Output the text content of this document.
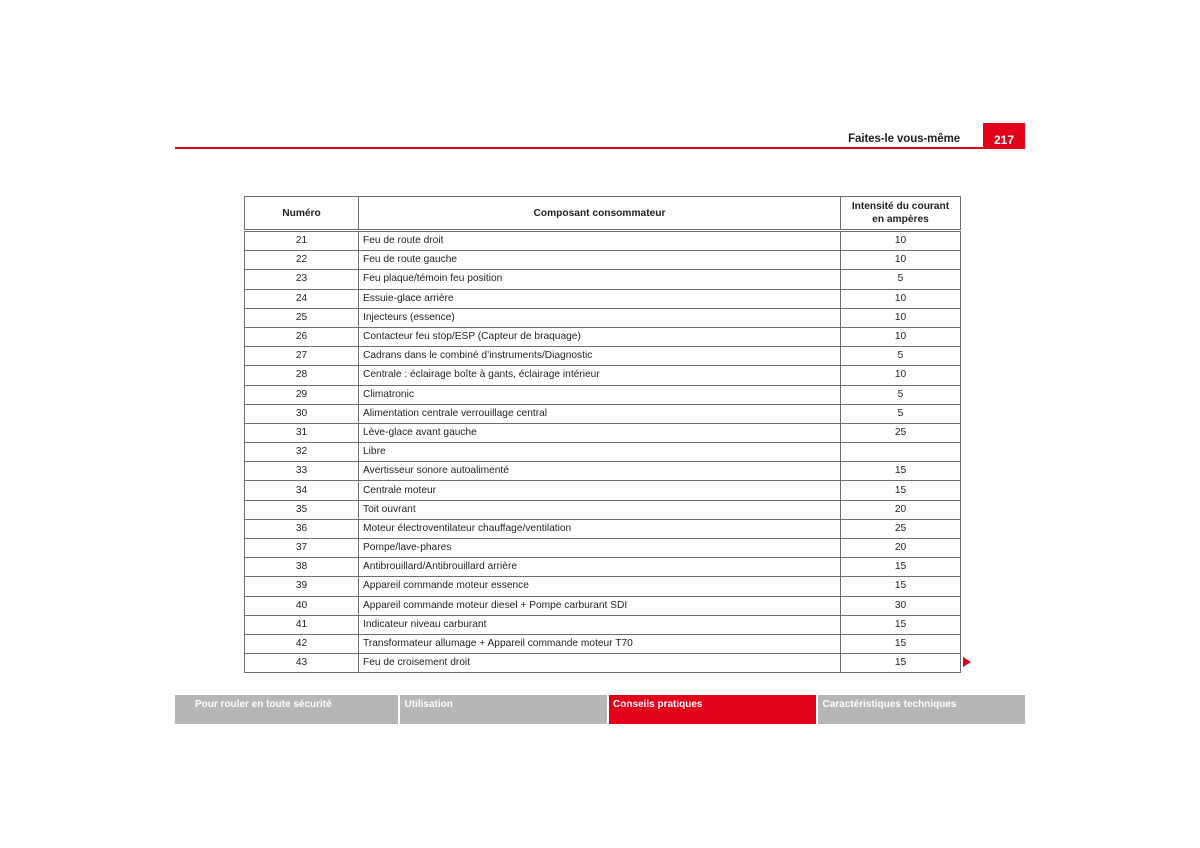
Faites-le vous-même	217
Numéro	Composant consommateur	Intensité du courant en ampères
21	Feu de route droit	10
22	Feu de route gauche	10
23	Feu plaque/témoin feu position	5
24	Essuie-glace arrière	10
25	Injecteurs (essence)	10
26	Contacteur feu stop/ESP (Capteur de braquage)	10
27	Cadrans dans le combiné d’instruments/Diagnostic	5
28	Centrale : éclairage boîte à gants, éclairage intérieur	10
29	Climatronic	5
30	Alimentation centrale verrouillage central	5
31	Lève-glace avant gauche	25
32	Libre	
33	Avertisseur sonore autoalimenté	15
34	Centrale moteur	15
35	Toit ouvrant	20
36	Moteur électroventilateur chauffage/ventilation	25
37	Pompe/lave-phares	20
38	Antibrouillard/Antibrouillard arrière	15
39	Appareil commande moteur essence	15
40	Appareil commande moteur diesel + Pompe carburant SDI	30
41	Indicateur niveau carburant	15
42	Transformateur allumage + Appareil commande moteur T70	15
43	Feu de croisement droit	15
Pour rouler en toute sécurité	Utilisation	Conseils pratiques	Caractéristiques techniques
